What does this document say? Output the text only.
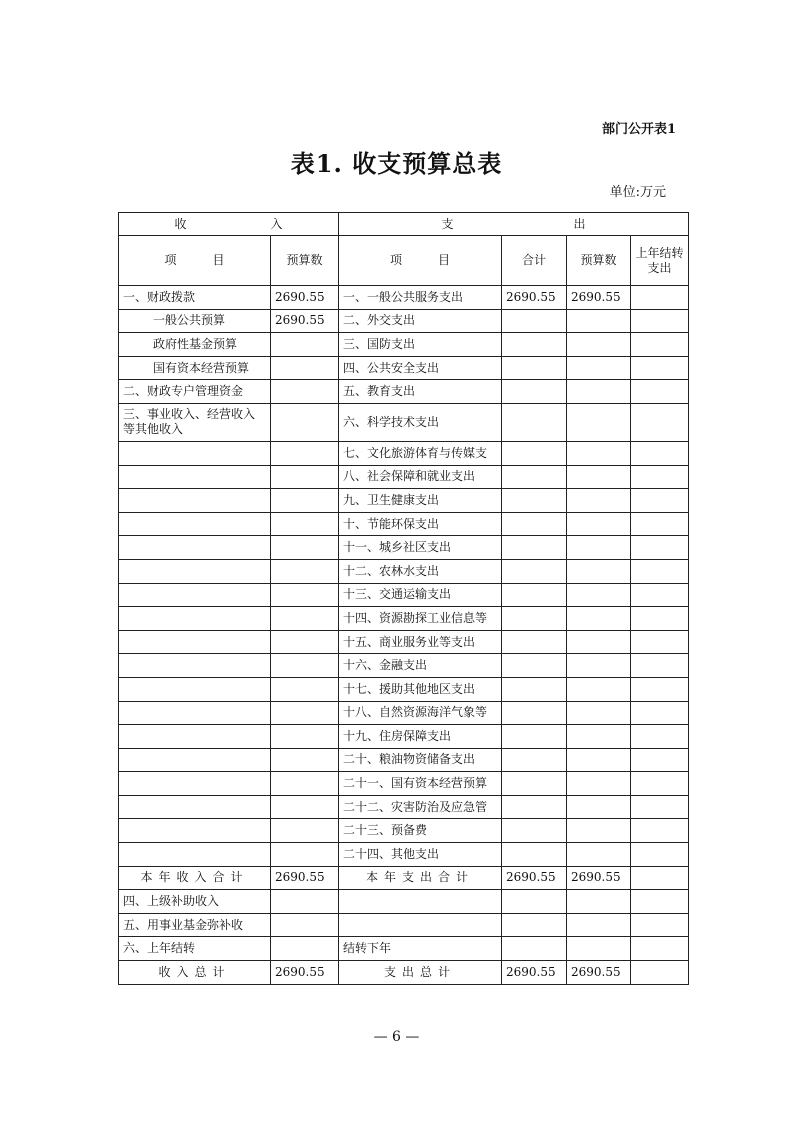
部门公开表1
表1. 收支预算总表
单位:万元
收　　　　　　　入		支　　　　　　　　　　出			
项　　　目	预算数	项　　　目	合计	预算数	上年结转支出
一、财政拨款	2690.55	一、一般公共服务支出	2690.55	2690.55	
一般公共预算	2690.55	二、外交支出			
政府性基金预算		三、国防支出			
国有资本经营预算		四、公共安全支出			
二、财政专户管理资金		五、教育支出			
三、事业收入、经营收入等其他收入		六、科学技术支出			
		七、文化旅游体育与传媒支			
		八、社会保障和就业支出			
		九、卫生健康支出			
		十、节能环保支出			
		十一、城乡社区支出			
		十二、农林水支出			
		十三、交通运输支出			
		十四、资源勘探工业信息等			
		十五、商业服务业等支出			
		十六、金融支出			
		十七、援助其他地区支出			
		十八、自然资源海洋气象等			
		十九、住房保障支出			
		二十、粮油物资储备支出			
		二十一、国有资本经营预算			
		二十二、灾害防治及应急管			
		二十三、预备费			
		二十四、其他支出			
本年收入合计	2690.55	本年支出合计	2690.55	2690.55	
四、上级补助收入					
五、用事业基金弥补收					
六、上年结转		结转下年			
收入总计	2690.55	支出总计	2690.55	2690.55	
— 6 —
